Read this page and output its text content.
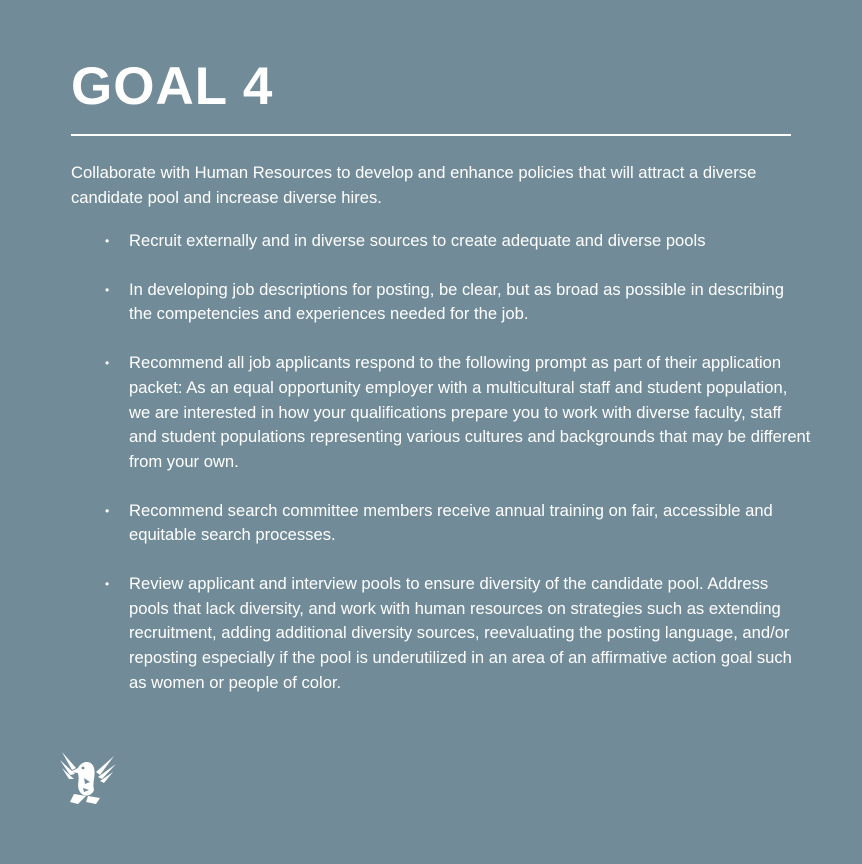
GOAL 4

Collaborate with Human Resources to develop and enhance policies that will attract a diverse candidate pool and increase diverse hires.

• Recruit externally and in diverse sources to create adequate and diverse pools
• In developing job descriptions for posting, be clear, but as broad as possible in describing the competencies and experiences needed for the job.
• Recommend all job applicants respond to the following prompt as part of their application packet: As an equal opportunity employer with a multicultural staff and student population, we are interested in how your qualifications prepare you to work with diverse faculty, staff and student populations representing various cultures and backgrounds that may be different from your own.
• Recommend search committee members receive annual training on fair, accessible and equitable search processes.
• Review applicant and interview pools to ensure diversity of the candidate pool. Address pools that lack diversity, and work with human resources on strategies such as extending recruitment, adding additional diversity sources, reevaluating the posting language, and/or reposting especially if the pool is underutilized in an area of an affirmative action goal such as women or people of color.
